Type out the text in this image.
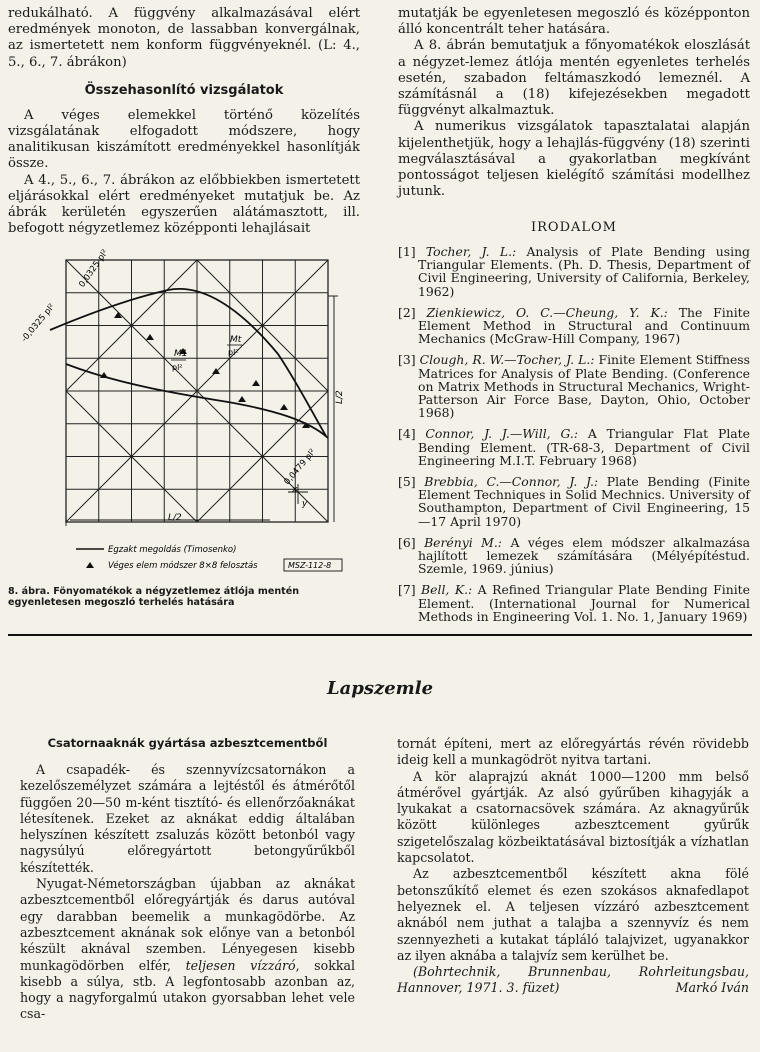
redukálható. A függvény alkalmazásával elért eredmények monoton, de lassabban konvergálnak, az ismertetett nem konform függvényeknél. (L: 4., 5., 6., 7. ábrákon)

Összehasonlító vizsgálatok

A véges elemekkel történő közelítés vizsgálatának elfogadott módszere, hogy analitikusan kiszámított eredményekkel hasonlítják össze.

A 4., 5., 6., 7. ábrákon az előbbiekben ismertetett eljárásokkal elért eredményeket mutatjuk be. Az ábrák kerületén egyszerűen alátámasztott, ill. befogott négyzetlemez középponti lehajlásait

-0,0325 pl²
0,0325 pl²
0,0479 pl²
Mt
pl²
M1
pl²
L/2
L/2
x
y
Egzakt megoldás (Timosenko)
Véges elem módszer 8×8 felosztás	MSZ-112-8
8. ábra. Fönyomatékok a négyzetlemez átlója mentén egyenletesen megoszló terhelés hatására

mutatják be egyenletesen megoszló és középponton álló koncentrált teher hatására.

A 8. ábrán bemutatjuk a főnyomatékok eloszlását a négyzet-lemez átlója mentén egyenletes terhelés esetén, szabadon feltámaszkodó lemeznél. A számításnál a (18) kifejezésekben megadott függvényt alkalmaztuk.

A numerikus vizsgálatok tapasztalatai alapján kijelenthetjük, hogy a lehajlás-függvény (18) szerinti megválasztásával a gyakorlatban megkívánt pontosságot teljesen kielégítő számítási modellhez jutunk.

IRODALOM
[1] Tocher, J. L.: Analysis of Plate Bending using Triangular Elements. (Ph. D. Thesis, Department of Civil Engineering, University of California, Berkeley, 1962)
[2] Zienkiewicz, O. C.—Cheung, Y. K.: The Finite Element Method in Structural and Continuum Mechanics (McGraw-Hill Company, 1967)
[3] Clough, R. W.—Tocher, J. L.: Finite Element Stiffness Matrices for Analysis of Plate Bending. (Conference on Matrix Methods in Structural Mechanics, Wright-Patterson Air Force Base, Dayton, Ohio, October 1968)
[4] Connor, J. J.—Will, G.: A Triangular Flat Plate Bending Element. (TR-68-3, Department of Civil Engineering M.I.T. February 1968)
[5] Brebbia, C.—Connor, J. J.: Plate Bending (Finite Element Techniques in Solid Mechnics. University of Southampton, Department of Civil Engineering, 15—17 April 1970)
[6] Berényi M.: A véges elem módszer alkalmazása hajlított lemezek számítására (Mélyépítéstud. Szemle, 1969. június)
[7] Bell, K.: A Refined Triangular Plate Bending Finite Element. (International Journal for Numerical Methods in Engineering Vol. 1. No. 1, January 1969)
Lapszemle
Csatornaaknák gyártása azbesztcementből

A csapadék- és szennyvízcsatornákon a kezelőszemélyzet számára a lejtéstől és átmérőtől függően 20—50 m-ként tisztító- és ellenőrzőaknákat létesítenek. Ezeket az aknákat eddig általában helyszínen készített zsaluzás között betonból vagy nagysúlyú előregyártott betongyűrűkből készítették.

Nyugat-Németországban újabban az aknákat azbesztcementből előregyártják és darus autóval egy darabban beemelik a munkagödörbe. Az azbesztcement aknának sok előnye van a betonból készült aknával szemben. Lényegesen kisebb munkagödörben elfér, teljesen vízzáró, sokkal kisebb a súlya, stb. A legfontosabb azonban az, hogy a nagyforgalmú utakon gyorsabban lehet vele csa-

tornát építeni, mert az előregyártás révén rövidebb ideig kell a munkagödröt nyitva tartani.

A kör alaprajzú aknát 1000—1200 mm belső átmérővel gyártják. Az alsó gyűrűben kihagyják a lyukakat a csatornacsövek számára. Az aknagyűrűk között különleges azbesztcement gyűrűk szigetelőszalag közbeiktatásával biztosítják a vízhatlan kapcsolatot.

Az azbesztcementből készített akna fölé betonszűkítő elemet és ezen szokásos aknafedlapot helyeznek el. A teljesen vízzáró azbesztcement aknából nem juthat a talajba a szennyvíz és nem szennyezheti a kutakat tápláló talajvizet, ugyanakkor az ilyen aknába a talajvíz sem kerülhet be.

(Bohrtechnik, Brunnenbau, Rohrleitungsbau, Hannover, 1971. 3. füzet)	Markó Iván
